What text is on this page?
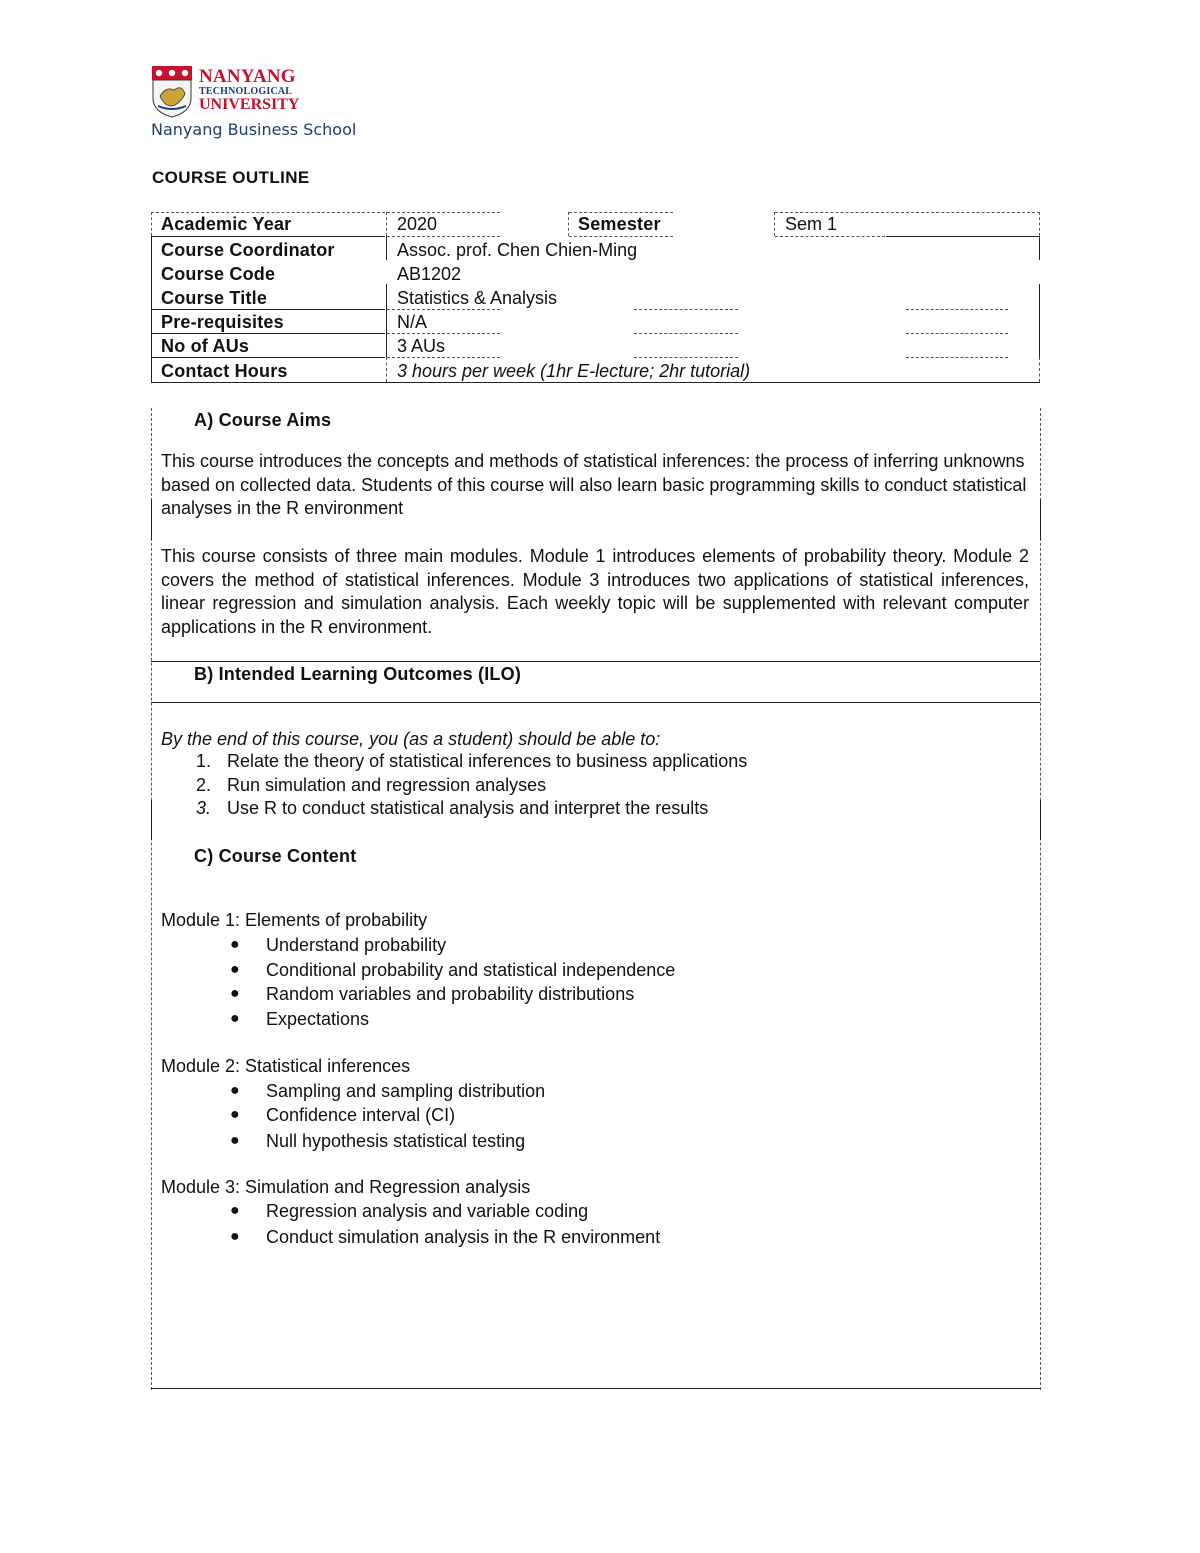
NANYANG
TECHNOLOGICAL
UNIVERSITY
Nanyang Business School
COURSE OUTLINE
Academic Year	2020	Semester	Sem 1
Course Coordinator	Assoc. prof. Chen Chien-Ming
Course Code	AB1202
Course Title	Statistics & Analysis
Pre-requisites	N/A
No of AUs	3 AUs
Contact Hours	3 hours per week (1hr E-lecture; 2hr tutorial)
A) Course Aims
This course introduces the concepts and methods of statistical inferences: the process of inferring unknowns based on collected data. Students of this course will also learn basic programming skills to conduct statistical analyses in the R environment
This course consists of three main modules. Module 1 introduces elements of probability theory. Module 2 covers the method of statistical inferences. Module 3 introduces two applications of statistical inferences, linear regression and simulation analysis. Each weekly topic will be supplemented with relevant computer applications in the R environment.
B) Intended Learning Outcomes (ILO)
By the end of this course, you (as a student) should be able to:
1. Relate the theory of statistical inferences to business applications
2. Run simulation and regression analyses
3. Use R to conduct statistical analysis and interpret the results
C) Course Content
Module 1: Elements of probability
● Understand probability
● Conditional probability and statistical independence
● Random variables and probability distributions
● Expectations
Module 2: Statistical inferences
● Sampling and sampling distribution
● Confidence interval (CI)
● Null hypothesis statistical testing
Module 3: Simulation and Regression analysis
● Regression analysis and variable coding
● Conduct simulation analysis in the R environment
